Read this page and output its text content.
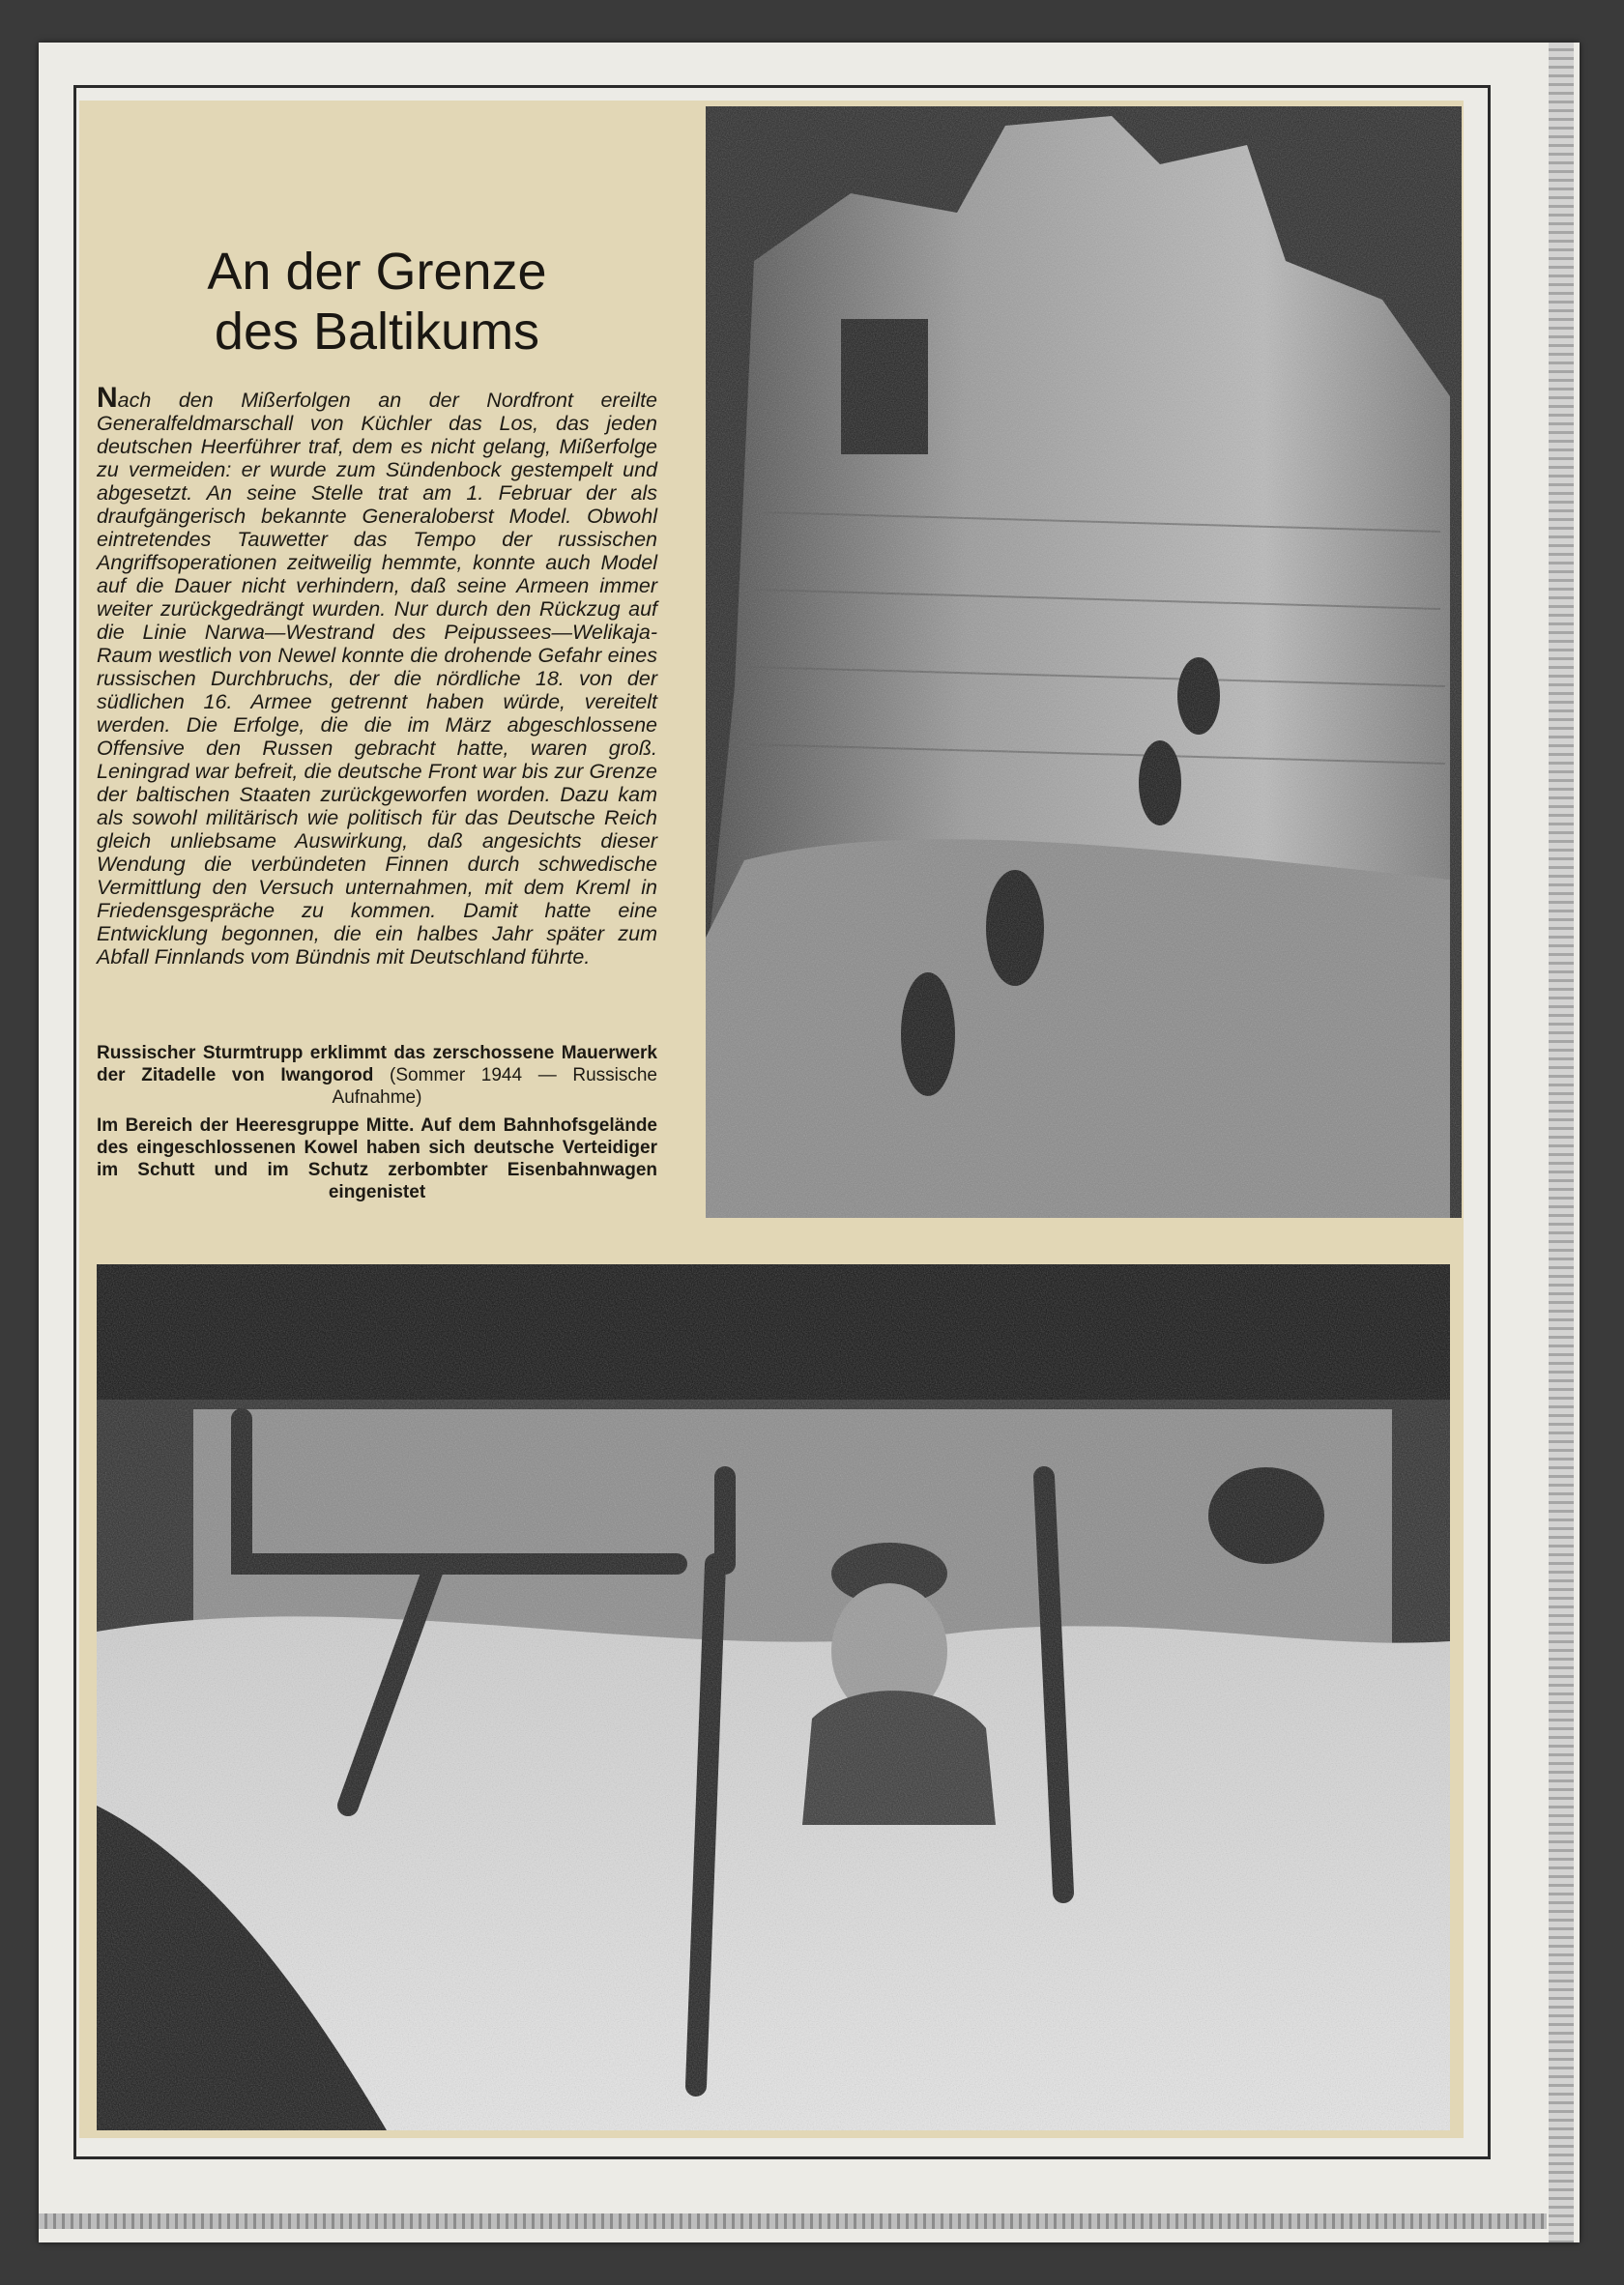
An der Grenze
des Baltikums

Nach den Mißerfolgen an der Nordfront ereilte Generalfeldmarschall von Küchler das Los, das jeden deutschen Heerführer traf, dem es nicht gelang, Mißerfolge zu vermeiden: er wurde zum Sündenbock gestempelt und abgesetzt. An seine Stelle trat am 1. Februar der als draufgängerisch bekannte Generaloberst Model. Obwohl eintretendes Tauwetter das Tempo der russischen Angriffsoperationen zeitweilig hemmte, konnte auch Model auf die Dauer nicht verhindern, daß seine Armeen immer weiter zurückgedrängt wurden. Nur durch den Rückzug auf die Linie Narwa—Westrand des Peipussees—Welikaja-Raum westlich von Newel konnte die drohende Gefahr eines russischen Durchbruchs, der die nördliche 18. von der südlichen 16. Armee getrennt haben würde, vereitelt werden. Die Erfolge, die die im März abgeschlossene Offensive den Russen gebracht hatte, waren groß. Leningrad war befreit, die deutsche Front war bis zur Grenze der baltischen Staaten zurückgeworfen worden. Dazu kam als sowohl militärisch wie politisch für das Deutsche Reich gleich unliebsame Auswirkung, daß angesichts dieser Wendung die verbündeten Finnen durch schwedische Vermittlung den Versuch unternahmen, mit dem Kreml in Friedensgespräche zu kommen. Damit hatte eine Entwicklung begonnen, die ein halbes Jahr später zum Abfall Finnlands vom Bündnis mit Deutschland führte.

Russischer Sturmtrupp erklimmt das zerschossene Mauerwerk der Zitadelle von Iwangorod (Sommer 1944 — Russische Aufnahme)

Im Bereich der Heeresgruppe Mitte. Auf dem Bahnhofsgelände des eingeschlossenen Kowel haben sich deutsche Verteidiger im Schutt und im Schutz zerbombter Eisenbahnwagen eingenistet
